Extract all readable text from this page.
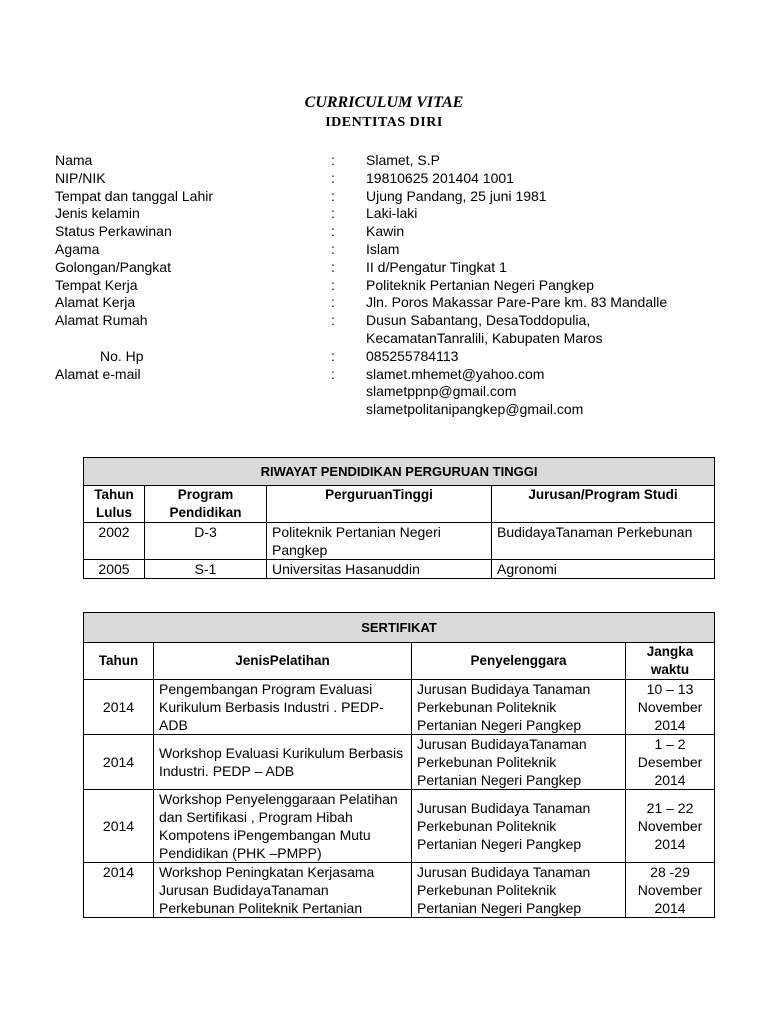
CURRICULUM VITAE
IDENTITAS DIRI
Nama	:	Slamet, S.P
NIP/NIK	:	19810625 201404 1001
Tempat dan tanggal Lahir	:	Ujung Pandang, 25 juni 1981
Jenis kelamin	:	Laki-laki
Status Perkawinan	:	Kawin
Agama	:	Islam
Golongan/Pangkat	:	II d/Pengatur Tingkat 1
Tempat Kerja	:	Politeknik Pertanian Negeri Pangkep
Alamat Kerja	:	Jln. Poros Makassar Pare-Pare km. 83 Mandalle
Alamat Rumah	:	Dusun Sabantang, DesaToddopulia,
		KecamatanTanralili, Kabupaten Maros
No. Hp	:	085255784113
Alamat e-mail	:	slamet.mhemet@yahoo.com
		slametppnp@gmail.com
		slametpolitanipangkep@gmail.com
RIWAYAT PENDIDIKAN PERGURUAN TINGGI			
Tahun Lulus	Program Pendidikan	PerguruanTinggi	Jurusan/Program Studi
2002	D-3	Politeknik Pertanian Negeri Pangkep	BudidayaTanaman Perkebunan
2005	S-1	Universitas Hasanuddin	Agronomi
SERTIFIKAT			
Tahun	JenisPelatihan	Penyelenggara	Jangka waktu
2014	Pengembangan Program Evaluasi Kurikulum Berbasis Industri . PEDP-ADB	Jurusan Budidaya Tanaman Perkebunan Politeknik Pertanian Negeri Pangkep	10 – 13 November 2014
2014	Workshop Evaluasi Kurikulum Berbasis Industri. PEDP – ADB	Jurusan BudidayaTanaman Perkebunan Politeknik Pertanian Negeri Pangkep	1 – 2 Desember 2014
2014	Workshop Penyelenggaraan Pelatihan dan Sertifikasi , Program Hibah Kompotens iPengembangan Mutu Pendidikan (PHK –PMPP)	Jurusan Budidaya Tanaman Perkebunan Politeknik Pertanian Negeri Pangkep	21 – 22 November 2014
2014	Workshop Peningkatan Kerjasama Jurusan BudidayaTanaman Perkebunan Politeknik Pertanian	Jurusan Budidaya Tanaman Perkebunan Politeknik Pertanian Negeri Pangkep	28 -29 November 2014
